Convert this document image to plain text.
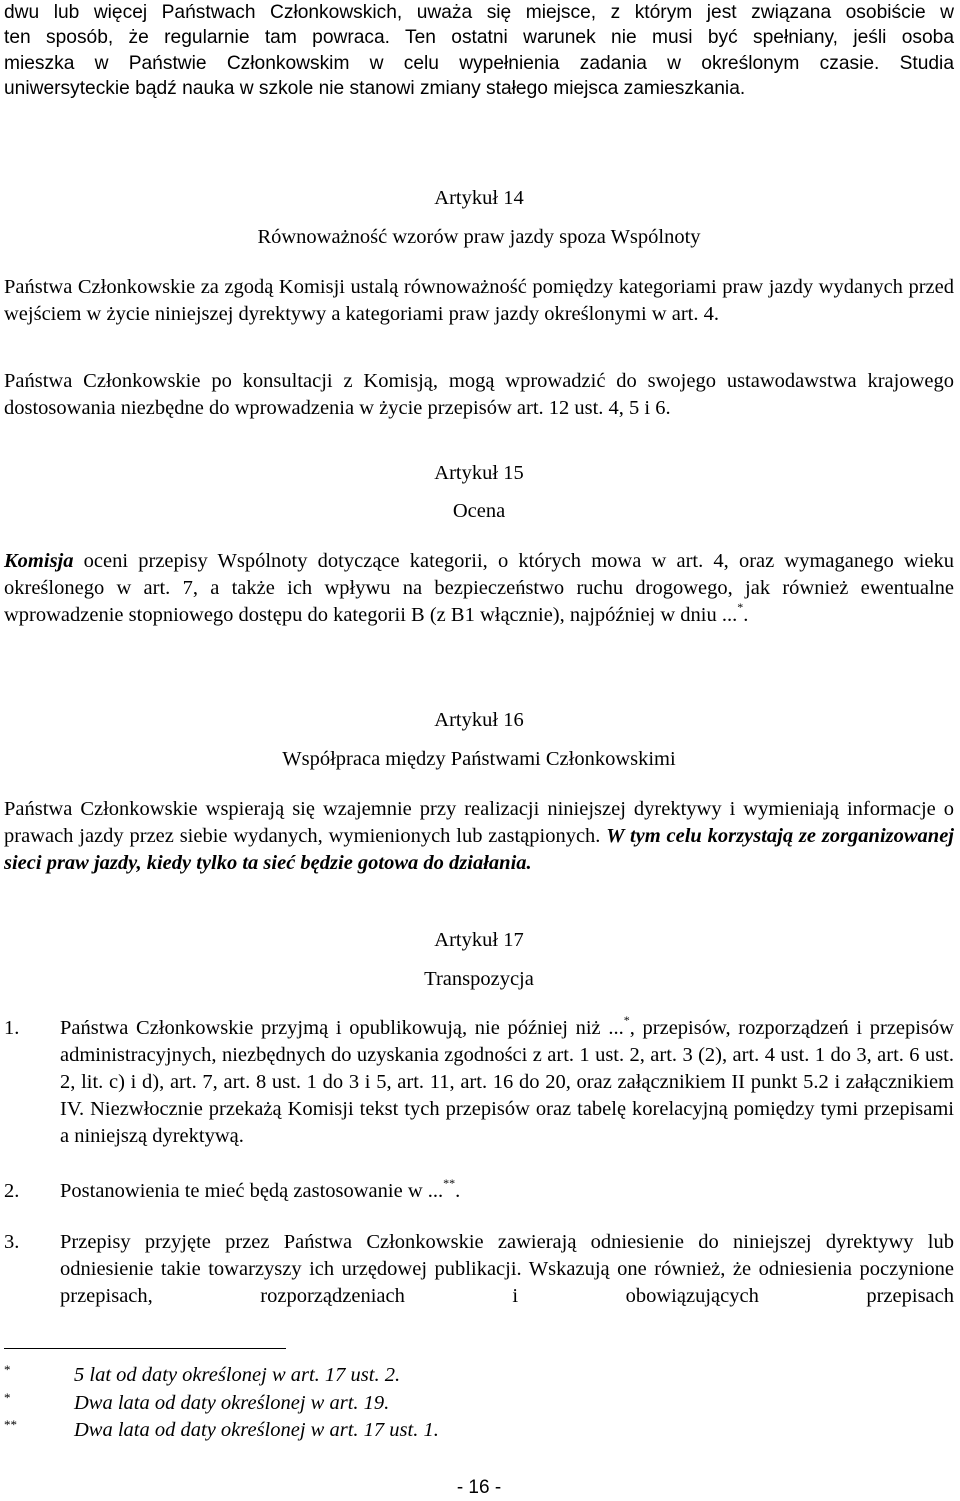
dwu lub więcej Państwach Członkowskich, uważa się miejsce, z którym jest związana osobiście w

ten sposób, że regularnie tam powraca. Ten ostatni warunek nie musi być spełniany, jeśli osoba

mieszka w Państwie Członkowskim w celu wypełnienia zadania w określonym czasie. Studia

uniwersyteckie bądź nauka w szkole nie stanowi zmiany stałego miejsca zamieszkania.

Artykuł 14
Równoważność wzorów praw jazdy spoza Wspólnoty

Państwa Członkowskie za zgodą Komisji ustalą równoważność pomiędzy kategoriami praw jazdy wydanych przed wejściem w życie niniejszej dyrektywy a kategoriami praw jazdy określonymi w art. 4.

Państwa Członkowskie po konsultacji z Komisją, mogą wprowadzić do swojego ustawodawstwa krajowego dostosowania niezbędne do wprowadzenia w życie przepisów art. 12 ust. 4, 5 i 6.

Artykuł 15
Ocena

Komisja oceni przepisy Wspólnoty dotyczące kategorii, o których mowa w art. 4, oraz wymaganego wieku określonego w art. 7, a także ich wpływu na bezpieczeństwo ruchu drogowego, jak również ewentualne wprowadzenie stopniowego dostępu do kategorii B (z B1 włącznie), najpóźniej w dniu ...*.

Artykuł 16
Współpraca między Państwami Członkowskimi

Państwa Członkowskie wspierają się wzajemnie przy realizacji niniejszej dyrektywy i wymieniają informacje o prawach jazdy przez siebie wydanych, wymienionych lub zastąpionych. W tym celu korzystają ze zorganizowanej sieci praw jazdy, kiedy tylko ta sieć będzie gotowa do działania.

Artykuł 17
Transpozycja
1. Państwa Członkowskie przyjmą i opublikowują, nie później niż ...*, przepisów, rozporządzeń i przepisów administracyjnych, niezbędnych do uzyskania zgodności z art. 1 ust. 2, art. 3 (2), art. 4 ust. 1 do 3, art. 6 ust. 2, lit. c) i d), art. 7, art. 8 ust. 1 do 3 i 5, art. 11, art. 16 do 20, oraz załącznikiem II punkt 5.2 i załącznikiem IV. Niezwłocznie przekażą Komisji tekst tych przepisów oraz tabelę korelacyjną pomiędzy tymi przepisami a niniejszą dyrektywą.

2. Postanowienia te mieć będą zastosowanie w ...**.

3. Przepisy przyjęte przez Państwa Członkowskie zawierają odniesienie do niniejszej dyrektywy lub odniesienie takie towarzyszy ich urzędowej publikacji. Wskazują one również, że odniesienia poczynione przepisach, rozporządzeniach i obowiązujących przepisach

*	5 lat od daty określonej w art. 17 ust. 2.
*	Dwa lata od daty określonej w art. 19.
**	Dwa lata od daty określonej w art. 17 ust. 1.
- 16 -
